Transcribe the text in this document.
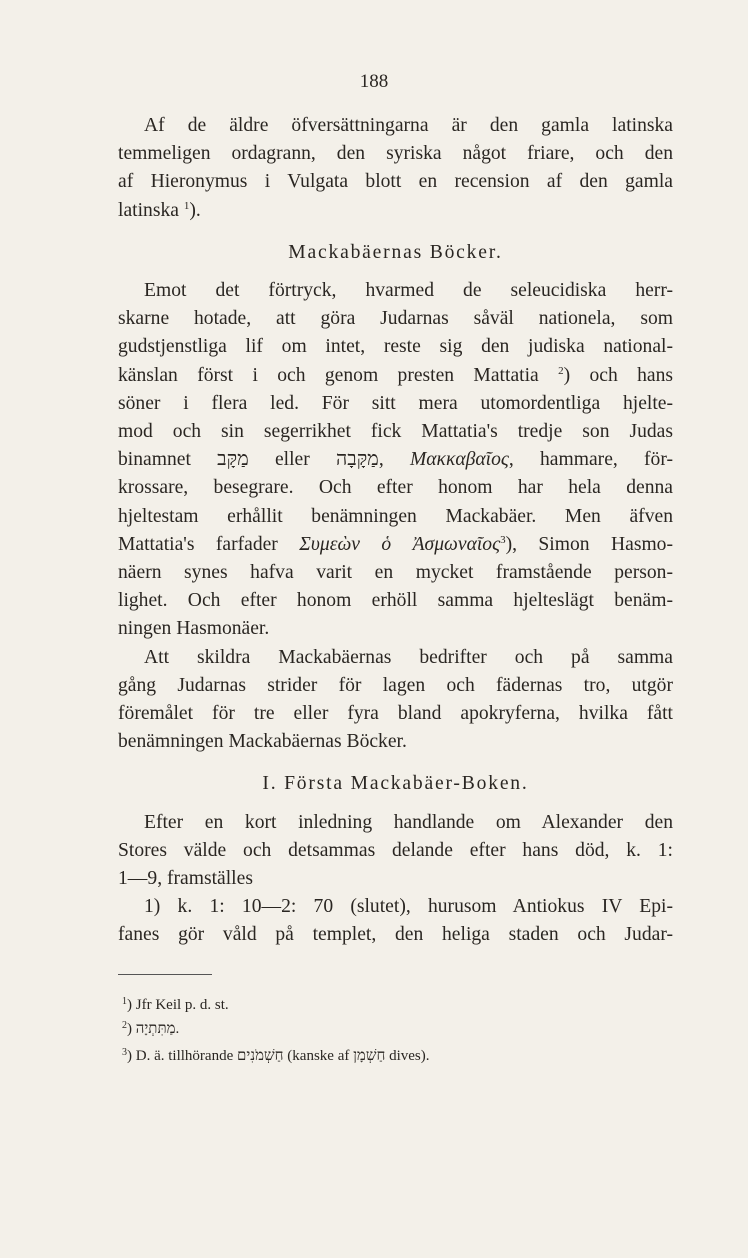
188

Af de äldre öfversättningarna är den gamla latinska
temmeligen ordagrann, den syriska något friare, och den
af Hieronymus i Vulgata blott en recension af den gamla
latinska $^1$).

Mackabäernas Böcker.

Emot det förtryck, hvarmed de seleucidiska herr-
skarne hotade, att göra Judarnas såväl nationela, som
gudstjenstliga lif om intet, reste sig den judiska national-
känslan först i och genom presten Mattatia $^2$) och hans
söner i flera led. För sitt mera utomordentliga hjelte-
mod och sin segerrikhet fick Mattatia's tredje son Judas
binamnet מַקָּב eller מַקָּבָה, Μακκαβαῖος, hammare, för-
krossare, besegrare. Och efter honom har hela denna
hjeltestam erhållit benämningen Mackabäer. Men äfven
Mattatia's farfader Συμεὼν ὁ Ἀσμωναῖος$^3$), Simon Hasmo-
näern synes hafva varit en mycket framstående person-
lighet. Och efter honom erhöll samma hjelteslägt benäm-
ningen Hasmonäer.

Att skildra Mackabäernas bedrifter och på samma
gång Judarnas strider för lagen och fädernas tro, utgör
föremålet för tre eller fyra bland apokryferna, hvilka fått
benämningen Mackabäernas Böcker.

I. Första Mackabäer-Boken.

Efter en kort inledning handlande om Alexander den
Stores välde och detsammas delande efter hans död, k. 1:
1—9, framställes

1) k. 1: 10—2: 70 (slutet), hurusom Antiokus IV Epi-
fanes gör våld på templet, den heliga staden och Judar-

$^1$) Jfr Keil p. d. st.
$^2$) מַתִּתְיָה.
$^3$) D. ä. tillhörande חַשְׁמֹנִים (kanske af חַשְׁמָן dives).
